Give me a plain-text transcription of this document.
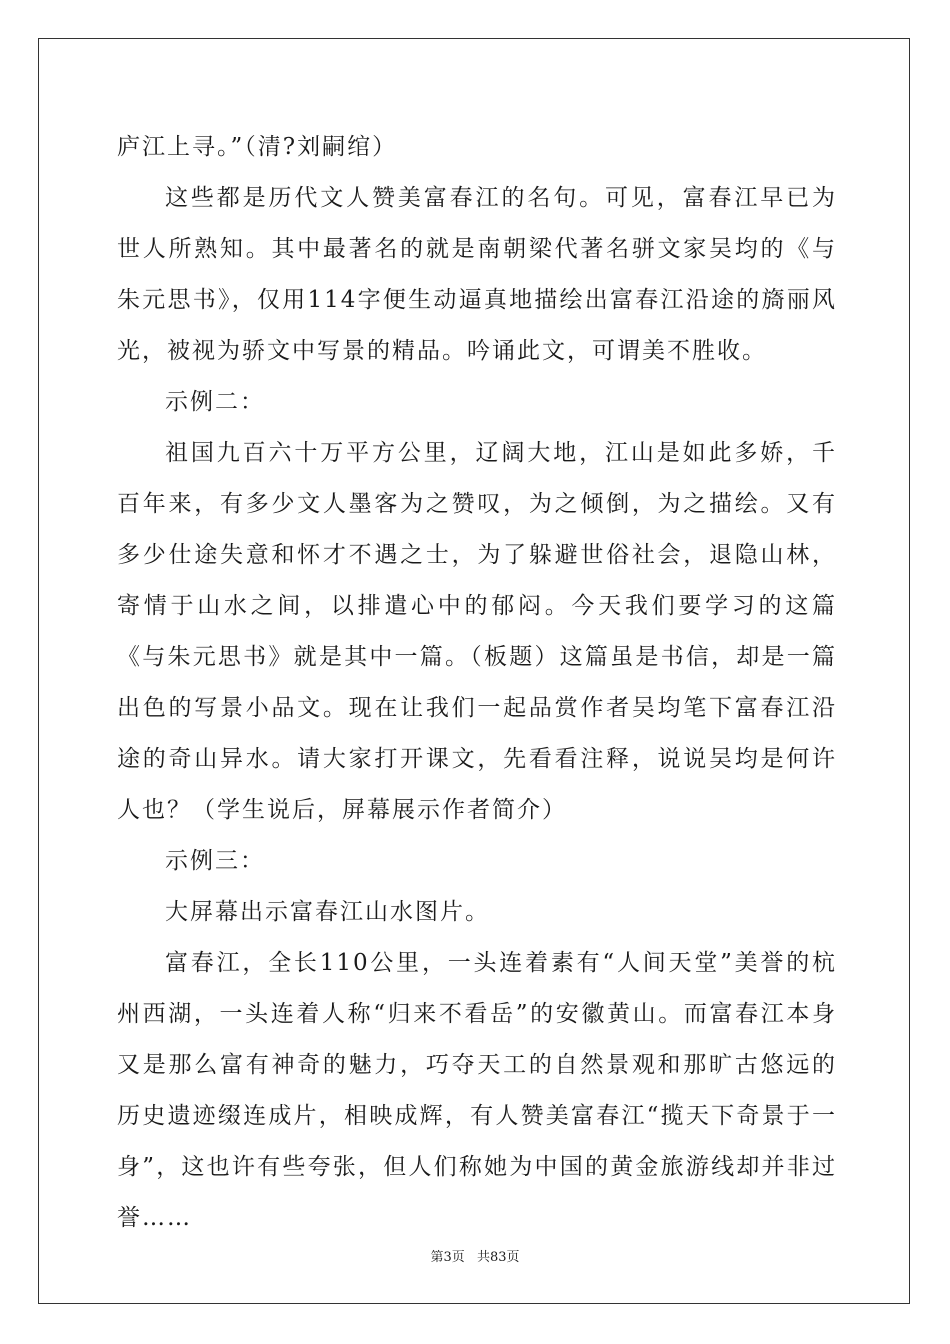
庐江上寻。”（清?刘嗣绾）

这些都是历代文人赞美富春江的名句。可见，富春江早已为世人所熟知。其中最著名的就是南朝梁代著名骈文家吴均的《与朱元思书》，仅用114字便生动逼真地描绘出富春江沿途的旖丽风光，被视为骄文中写景的精品。吟诵此文，可谓美不胜收。

示例二：

祖国九百六十万平方公里，辽阔大地，江山是如此多娇，千百年来，有多少文人墨客为之赞叹，为之倾倒，为之描绘。又有多少仕途失意和怀才不遇之士，为了躲避世俗社会，退隐山林，寄情于山水之间，以排遣心中的郁闷。今天我们要学习的这篇《与朱元思书》就是其中一篇。（板题）这篇虽是书信，却是一篇出色的写景小品文。现在让我们一起品赏作者吴均笔下富春江沿途的奇山异水。请大家打开课文，先看看注释，说说吴均是何许人也？（学生说后，屏幕展示作者简介）

示例三：

大屏幕出示富春江山水图片。

富春江，全长110公里，一头连着素有“人间天堂”美誉的杭州西湖，一头连着人称“归来不看岳”的安徽黄山。而富春江本身又是那么富有神奇的魅力，巧夺天工的自然景观和那旷古悠远的历史遗迹缀连成片，相映成辉，有人赞美富春江“揽天下奇景于一身”，这也许有些夸张，但人们称她为中国的黄金旅游线却并非过誉……

第3页 共83页
